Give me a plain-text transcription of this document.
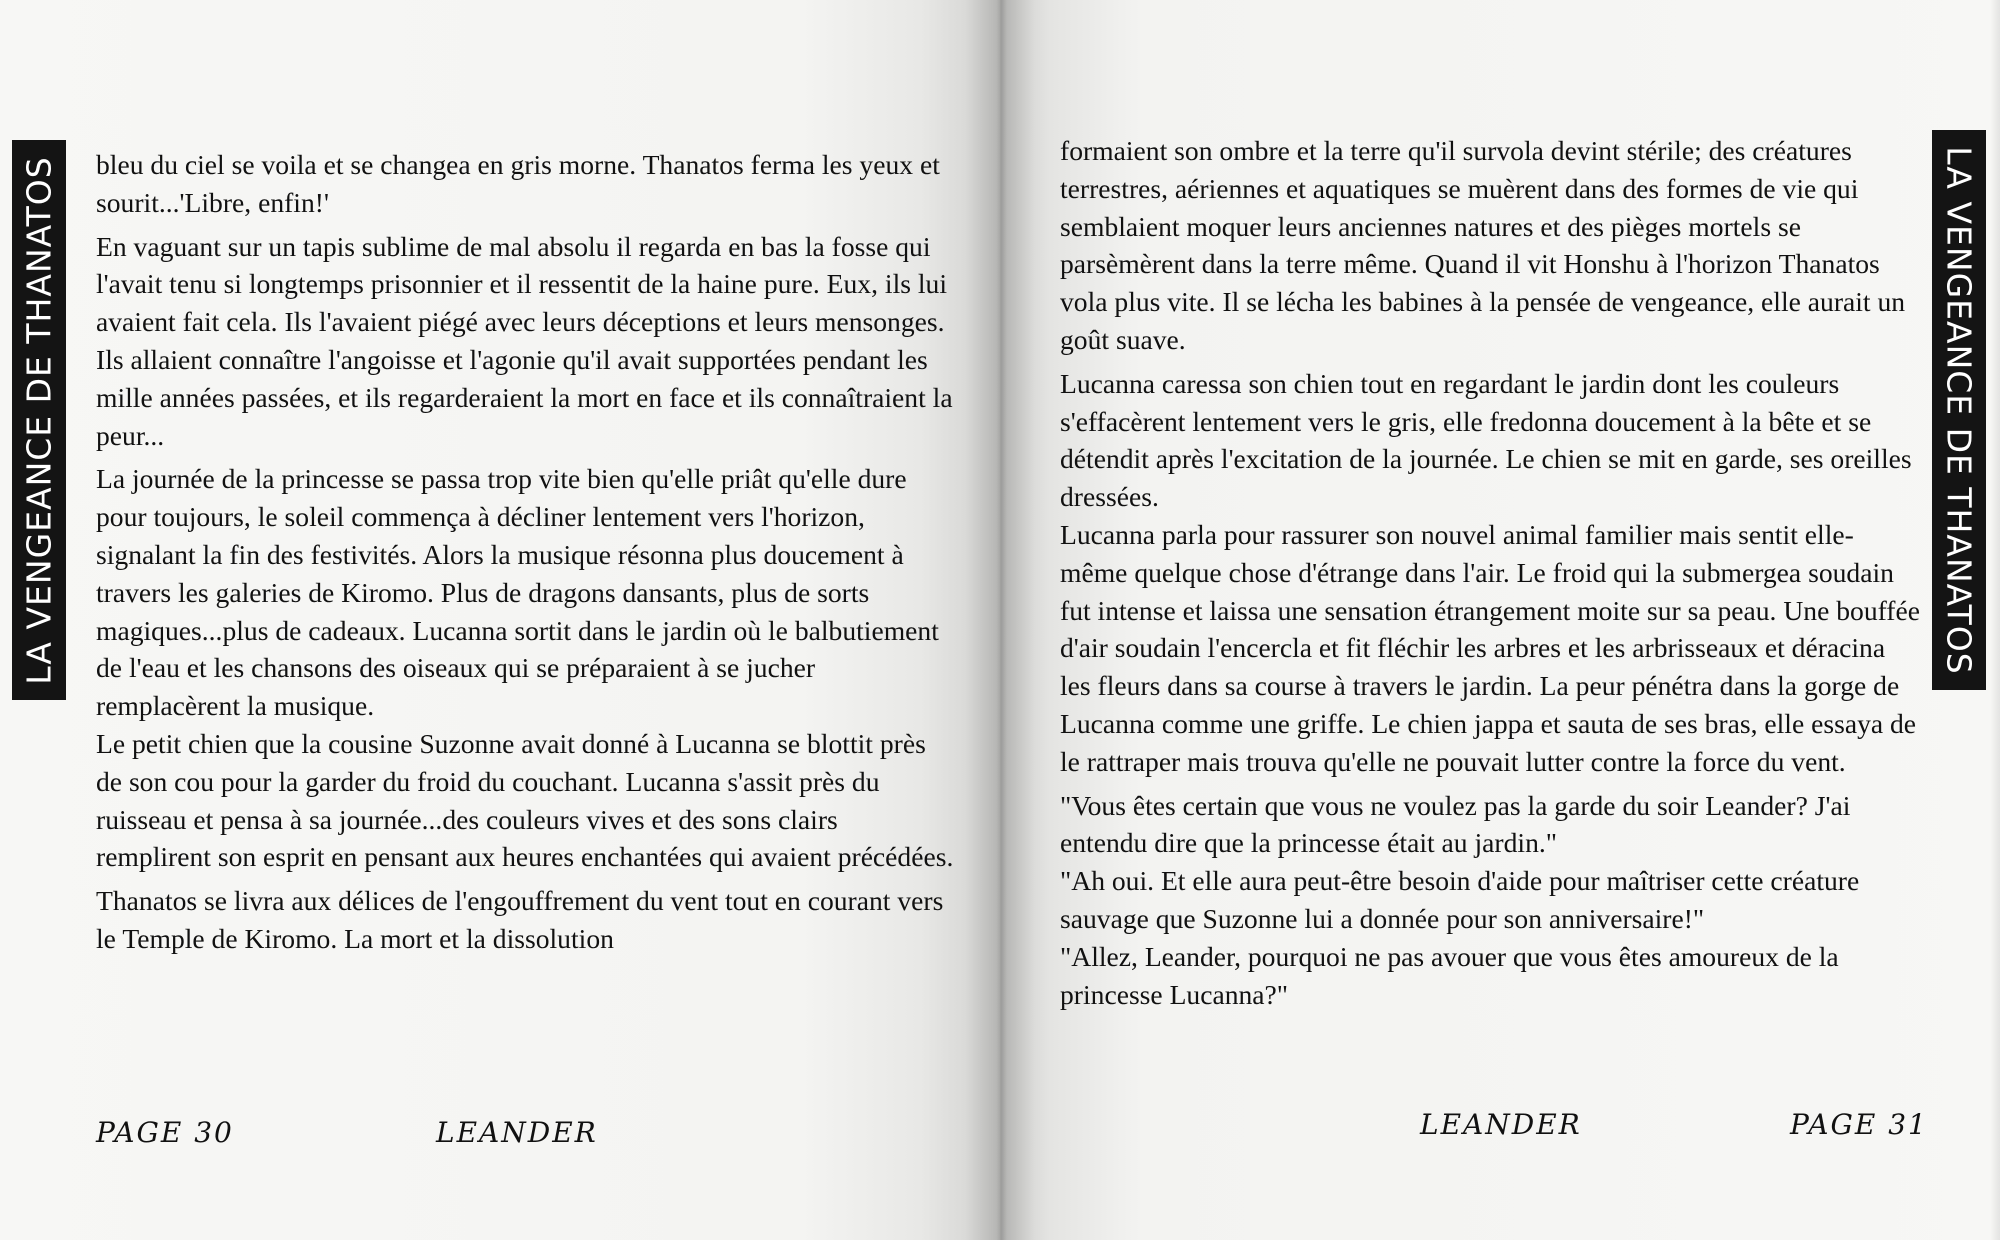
LA VENGEANCE DE THANATOS bleu du ciel se voila et se changea en gris morne. Thanatos ferma les yeux et sourit...'Libre, enfin!'

En vaguant sur un tapis sublime de mal absolu il regarda en bas la fosse qui l'avait tenu si longtemps prisonnier et il ressentit de la haine pure. Eux, ils lui avaient fait cela. Ils l'avaient piégé avec leurs déceptions et leurs mensonges. Ils allaient connaître l'angoisse et l'agonie qu'il avait supportées pendant les mille années passées, et ils regarderaient la mort en face et ils connaîtraient la peur...

La journée de la princesse se passa trop vite bien qu'elle priât qu'elle dure pour toujours, le soleil commença à décliner lentement vers l'horizon, signalant la fin des festivités. Alors la musique résonna plus doucement à travers les galeries de Kiromo. Plus de dragons dansants, plus de sorts magiques...plus de cadeaux. Lucanna sortit dans le jardin où le balbutiement de l'eau et les chansons des oiseaux qui se préparaient à se jucher remplacèrent la musique.

Le petit chien que la cousine Suzonne avait donné à Lucanna se blottit près de son cou pour la garder du froid du couchant. Lucanna s'assit près du ruisseau et pensa à sa journée...des couleurs vives et des sons clairs remplirent son esprit en pensant aux heures enchantées qui avaient précédées.

Thanatos se livra aux délices de l'engouffrement du vent tout en courant vers le Temple de Kiromo. La mort et la dissolution

PAGE 30	LEANDER

formaient son ombre et la terre qu'il survola devint stérile; des créatures terrestres, aériennes et aquatiques se muèrent dans des formes de vie qui semblaient moquer leurs anciennes natures et des pièges mortels se parsèmèrent dans la terre même. Quand il vit Honshu à l'horizon Thanatos vola plus vite. Il se lécha les babines à la pensée de vengeance, elle aurait un goût suave.

Lucanna caressa son chien tout en regardant le jardin dont les couleurs s'effacèrent lentement vers le gris, elle fredonna doucement à la bête et se détendit après l'excitation de la journée. Le chien se mit en garde, ses oreilles dressées.

Lucanna parla pour rassurer son nouvel animal familier mais sentit elle-même quelque chose d'étrange dans l'air. Le froid qui la submergea soudain fut intense et laissa une sensation étrangement moite sur sa peau. Une bouffée d'air soudain l'encercla et fit fléchir les arbres et les arbrisseaux et déracina les fleurs dans sa course à travers le jardin. La peur pénétra dans la gorge de Lucanna comme une griffe. Le chien jappa et sauta de ses bras, elle essaya de le rattraper mais trouva qu'elle ne pouvait lutter contre la force du vent.

"Vous êtes certain que vous ne voulez pas la garde du soir Leander? J'ai entendu dire que la princesse était au jardin."

"Ah oui. Et elle aura peut-être besoin d'aide pour maîtriser cette créature sauvage que Suzonne lui a donnée pour son anniversaire!"

"Allez, Leander, pourquoi ne pas avouer que vous êtes amoureux de la princesse Lucanna?"

LEANDER	PAGE 31
LA VENGEANCE DE THANATOS
